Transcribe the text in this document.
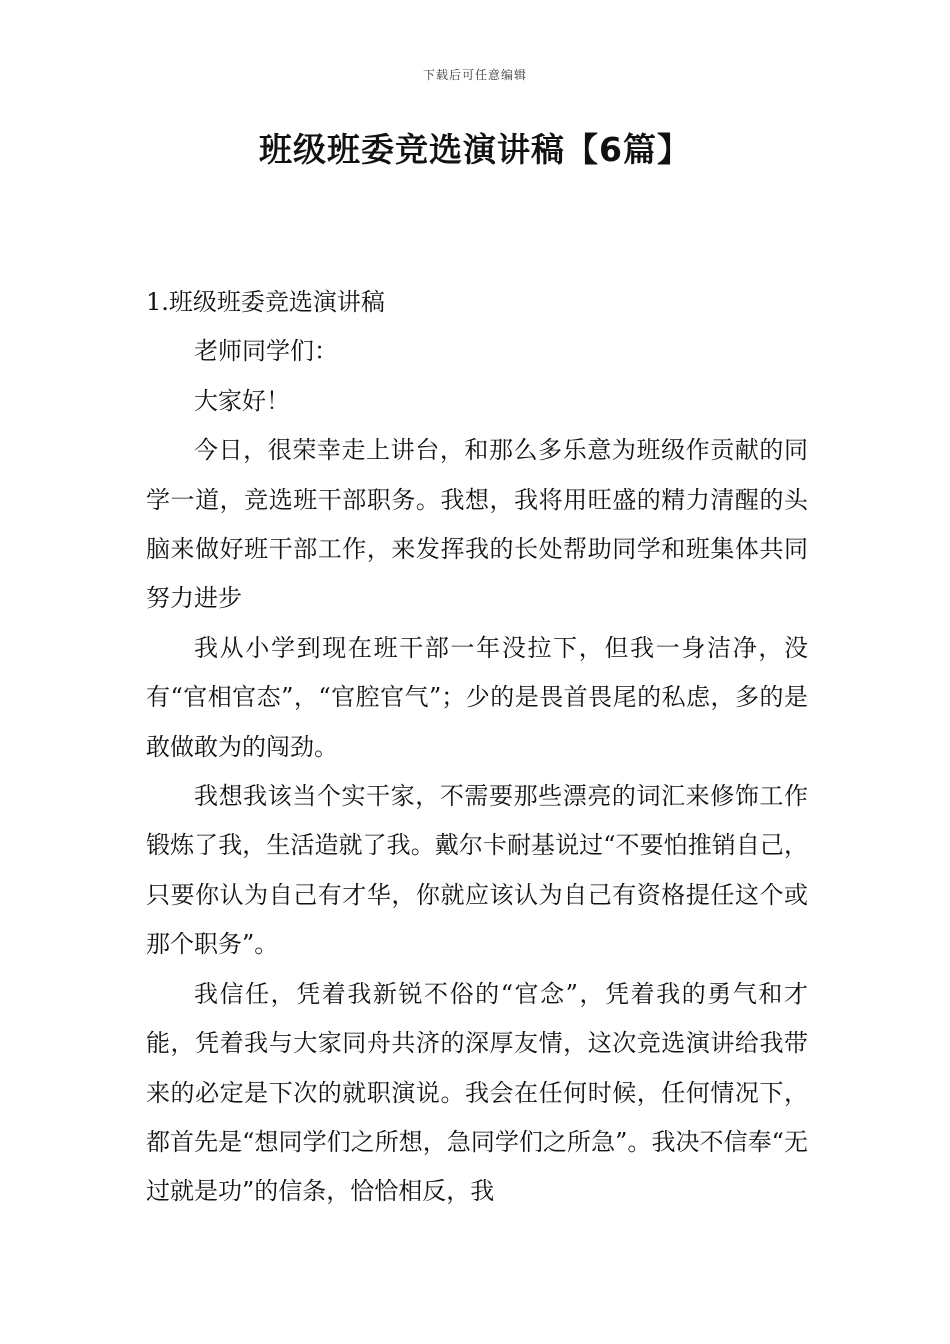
下载后可任意编辑
班级班委竞选演讲稿【6篇】
1.班级班委竞选演讲稿

老师同学们：

大家好！

今日，很荣幸走上讲台，和那么多乐意为班级作贡献的同学一道，竞选班干部职务。我想，我将用旺盛的精力清醒的头脑来做好班干部工作，来发挥我的长处帮助同学和班集体共同努力进步

我从小学到现在班干部一年没拉下，但我一身洁净，没有“官相官态”，“官腔官气”；少的是畏首畏尾的私虑，多的是敢做敢为的闯劲。

我想我该当个实干家，不需要那些漂亮的词汇来修饰工作锻炼了我，生活造就了我。戴尔卡耐基说过“不要怕推销自己，只要你认为自己有才华，你就应该认为自己有资格提任这个或那个职务”。

我信任，凭着我新锐不俗的“官念”，凭着我的勇气和才能，凭着我与大家同舟共济的深厚友情，这次竞选演讲给我带来的必定是下次的就职演说。我会在任何时候，任何情况下，都首先是“想同学们之所想，急同学们之所急”。我决不信奉“无过就是功”的信条，恰恰相反，我
